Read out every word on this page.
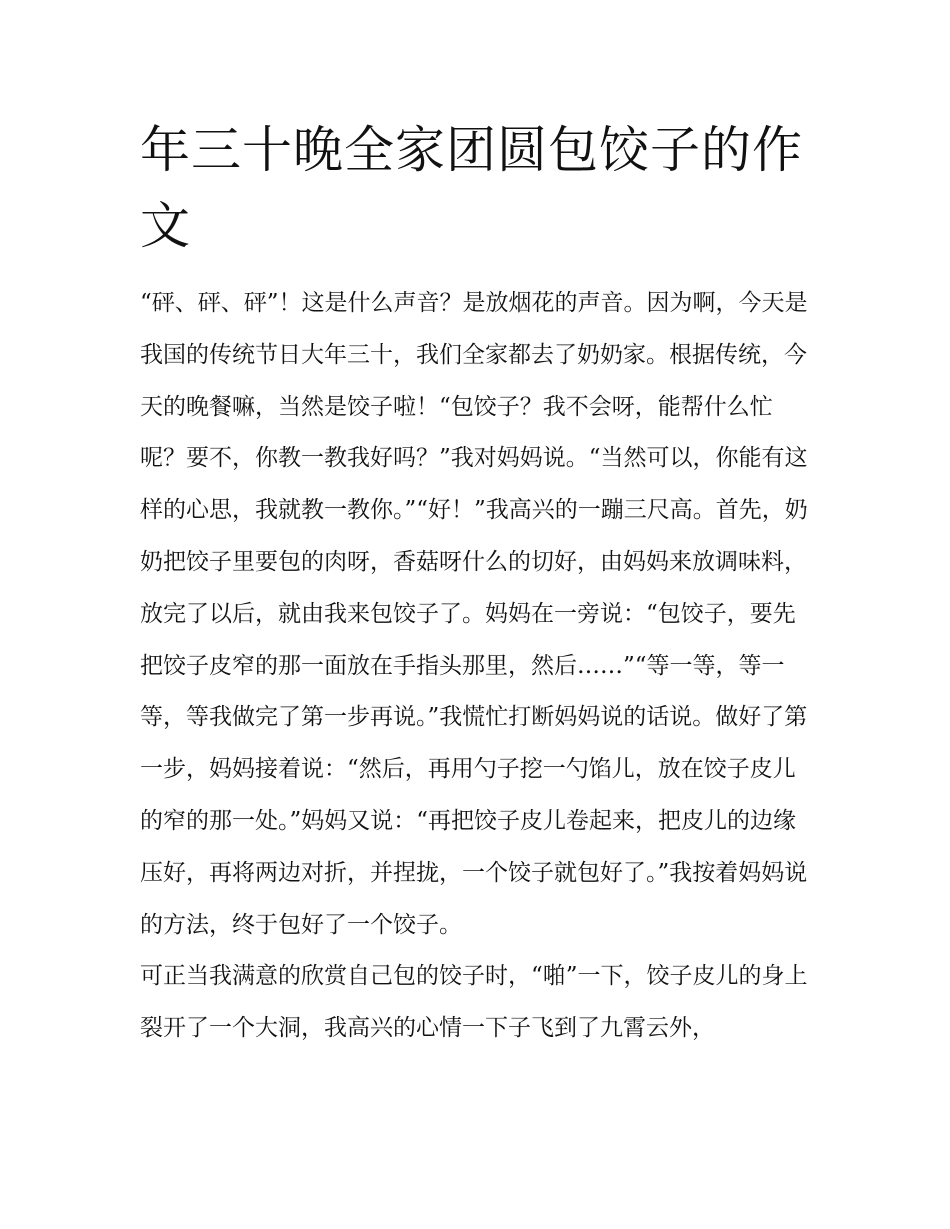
年三十晚全家团圆包饺子的作文

“砰、砰、砰”！这是什么声音？是放烟花的声音。因为啊，今天是我国的传统节日大年三十，我们全家都去了奶奶家。根据传统，今天的晚餐嘛，当然是饺子啦！“包饺子？我不会呀，能帮什么忙呢？要不，你教一教我好吗？”我对妈妈说。“当然可以，你能有这样的心思，我就教一教你。”“好！”我高兴的一蹦三尺高。首先，奶奶把饺子里要包的肉呀，香菇呀什么的切好，由妈妈来放调味料，放完了以后，就由我来包饺子了。妈妈在一旁说：“包饺子，要先把饺子皮窄的那一面放在手指头那里，然后……”“等一等，等一等，等我做完了第一步再说。”我慌忙打断妈妈说的话说。做好了第一步，妈妈接着说：“然后，再用勺子挖一勺馅儿，放在饺子皮儿的窄的那一处。”妈妈又说：“再把饺子皮儿卷起来，把皮儿的边缘压好，再将两边对折，并捏拢，一个饺子就包好了。”我按着妈妈说的方法，终于包好了一个饺子。

可正当我满意的欣赏自己包的饺子时，“啪”一下，饺子皮儿的身上裂开了一个大洞，我高兴的心情一下子飞到了九霄云外，
